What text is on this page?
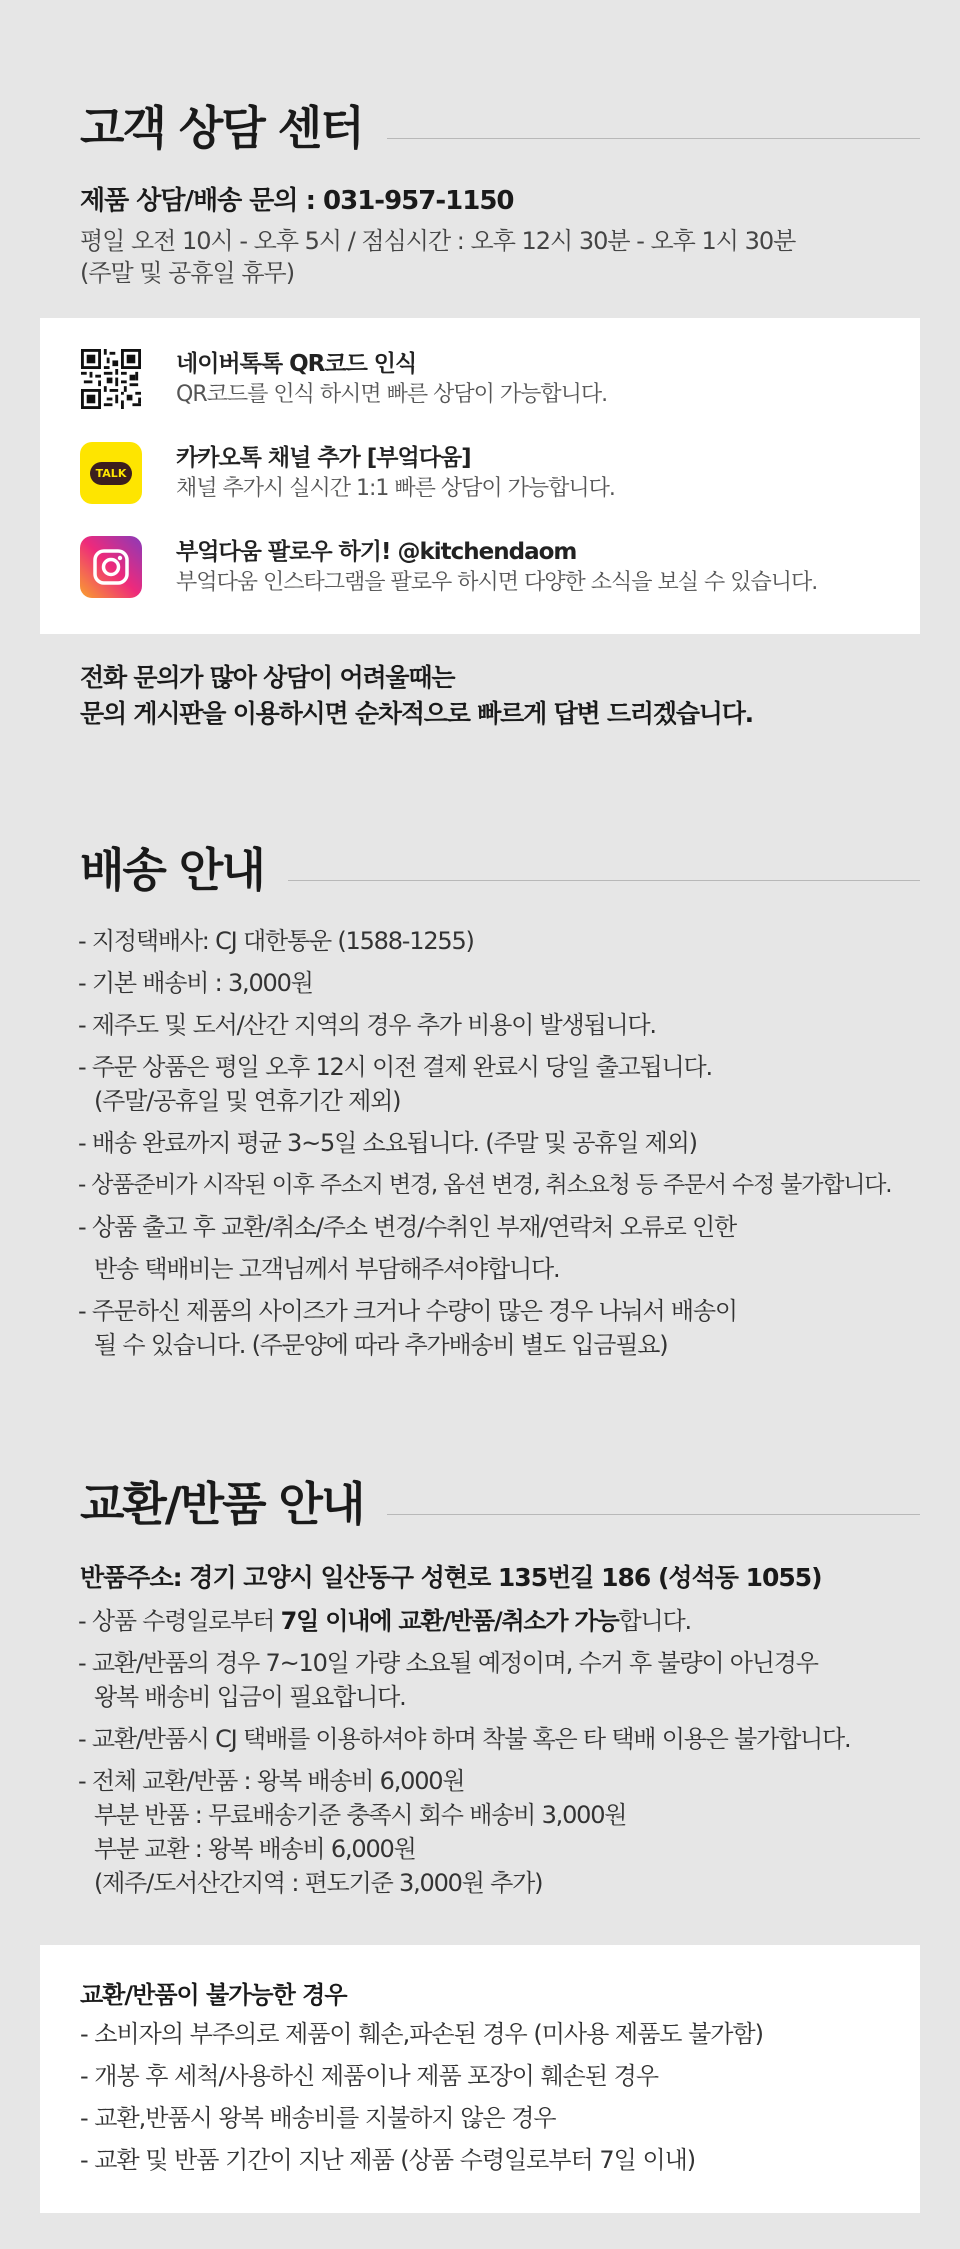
고객 상담 센터
제품 상담/배송 문의 : 031-957-1150
평일 오전 10시 - 오후 5시 / 점심시간 : 오후 12시 30분 - 오후 1시 30분
(주말 및 공휴일 휴무)
네이버톡톡 QR코드 인식
QR코드를 인식 하시면 빠른 상담이 가능합니다.
TALK
카카오톡 채널 추가 [부엌다움]
채널 추가시 실시간 1:1 빠른 상담이 가능합니다.
부엌다움 팔로우 하기! @kitchendaom
부엌다움 인스타그램을 팔로우 하시면 다양한 소식을 보실 수 있습니다.
전화 문의가 많아 상담이 어려울때는
문의 게시판을 이용하시면 순차적으로 빠르게 답변 드리겠습니다.
배송 안내
- 지정택배사: CJ 대한통운 (1588-1255)
- 기본 배송비 : 3,000원
- 제주도 및 도서/산간 지역의 경우 추가 비용이 발생됩니다.
- 주문 상품은 평일 오후 12시 이전 결제 완료시 당일 출고됩니다.
(주말/공휴일 및 연휴기간 제외)
- 배송 완료까지 평균 3~5일 소요됩니다. (주말 및 공휴일 제외)
- 상품준비가 시작된 이후 주소지 변경, 옵션 변경, 취소요청 등 주문서 수정 불가합니다.
- 상품 출고 후 교환/취소/주소 변경/수취인 부재/연락처 오류로 인한
반송 택배비는 고객님께서 부담해주셔야합니다.
- 주문하신 제품의 사이즈가 크거나 수량이 많은 경우 나눠서 배송이
될 수 있습니다. (주문양에 따라 추가배송비 별도 입금필요)
교환/반품 안내
반품주소: 경기 고양시 일산동구 성현로 135번길 186 (성석동 1055)
- 상품 수령일로부터 7일 이내에 교환/반품/취소가 가능합니다.
- 교환/반품의 경우 7~10일 가량 소요될 예정이며, 수거 후 불량이 아닌경우
왕복 배송비 입금이 필요합니다.
- 교환/반품시 CJ 택배를 이용하셔야 하며 착불 혹은 타 택배 이용은 불가합니다.
- 전체 교환/반품 : 왕복 배송비 6,000원
부분 반품 : 무료배송기준 충족시 회수 배송비 3,000원
부분 교환 : 왕복 배송비 6,000원
(제주/도서산간지역 : 편도기준 3,000원 추가)
교환/반품이 불가능한 경우
- 소비자의 부주의로 제품이 훼손,파손된 경우 (미사용 제품도 불가함)
- 개봉 후 세척/사용하신 제품이나 제품 포장이 훼손된 경우
- 교환,반품시 왕복 배송비를 지불하지 않은 경우
- 교환 및 반품 기간이 지난 제품 (상품 수령일로부터 7일 이내)
